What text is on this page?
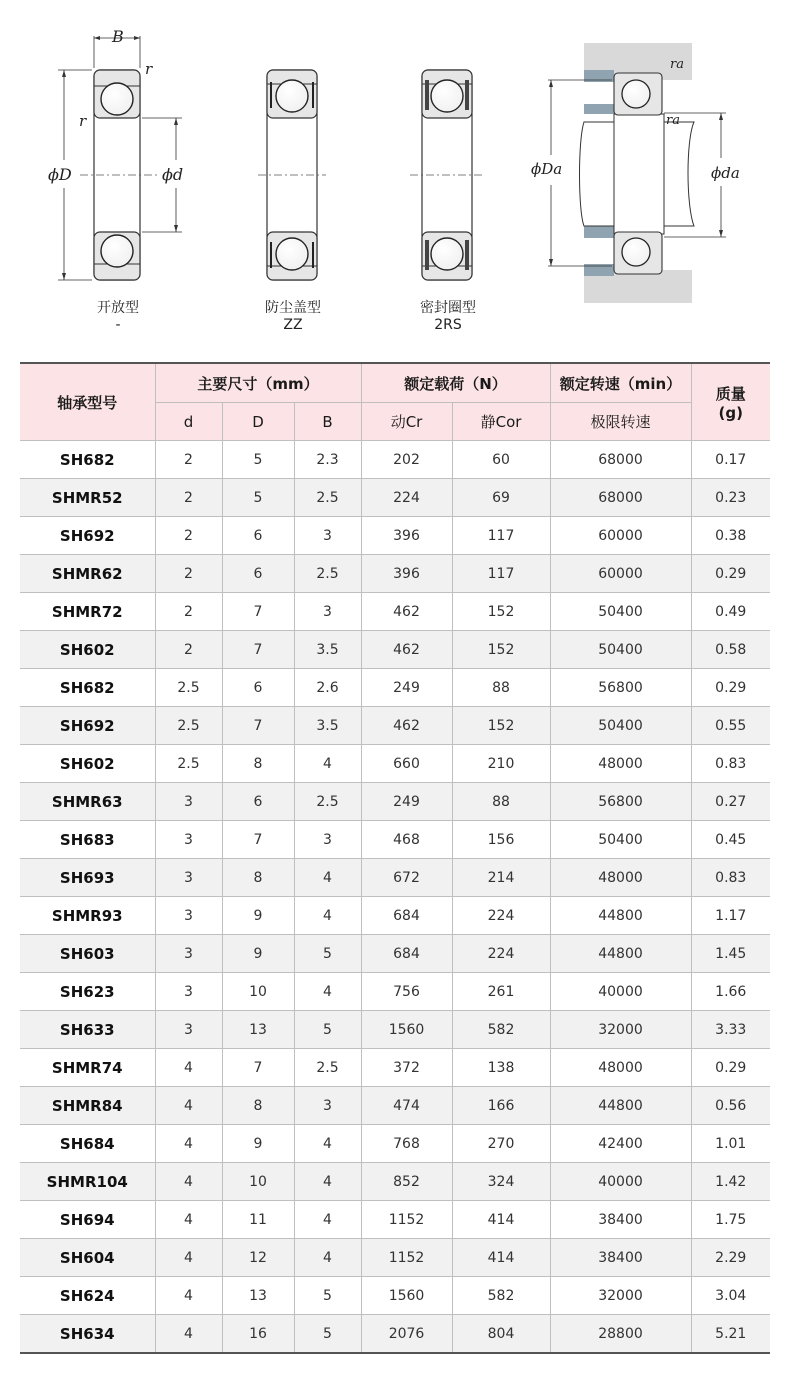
B
r
r
ϕD	ϕd
ra
ra
ϕDa	ϕda
开放型
-
防尘盖型
ZZ
密封圈型
2RS
轴承型号	主要尺寸（mm）			额定载荷（N）		额定转速（min）	质量
(g)
	d	D	B	动Cr	静Cor	极限转速	
SH682	2	5	2.3	202	60	68000	0.17
SHMR52	2	5	2.5	224	69	68000	0.23
SH692	2	6	3	396	117	60000	0.38
SHMR62	2	6	2.5	396	117	60000	0.29
SHMR72	2	7	3	462	152	50400	0.49
SH602	2	7	3.5	462	152	50400	0.58
SH682	2.5	6	2.6	249	88	56800	0.29
SH692	2.5	7	3.5	462	152	50400	0.55
SH602	2.5	8	4	660	210	48000	0.83
SHMR63	3	6	2.5	249	88	56800	0.27
SH683	3	7	3	468	156	50400	0.45
SH693	3	8	4	672	214	48000	0.83
SHMR93	3	9	4	684	224	44800	1.17
SH603	3	9	5	684	224	44800	1.45
SH623	3	10	4	756	261	40000	1.66
SH633	3	13	5	1560	582	32000	3.33
SHMR74	4	7	2.5	372	138	48000	0.29
SHMR84	4	8	3	474	166	44800	0.56
SH684	4	9	4	768	270	42400	1.01
SHMR104	4	10	4	852	324	40000	1.42
SH694	4	11	4	1152	414	38400	1.75
SH604	4	12	4	1152	414	38400	2.29
SH624	4	13	5	1560	582	32000	3.04
SH634	4	16	5	2076	804	28800	5.21
